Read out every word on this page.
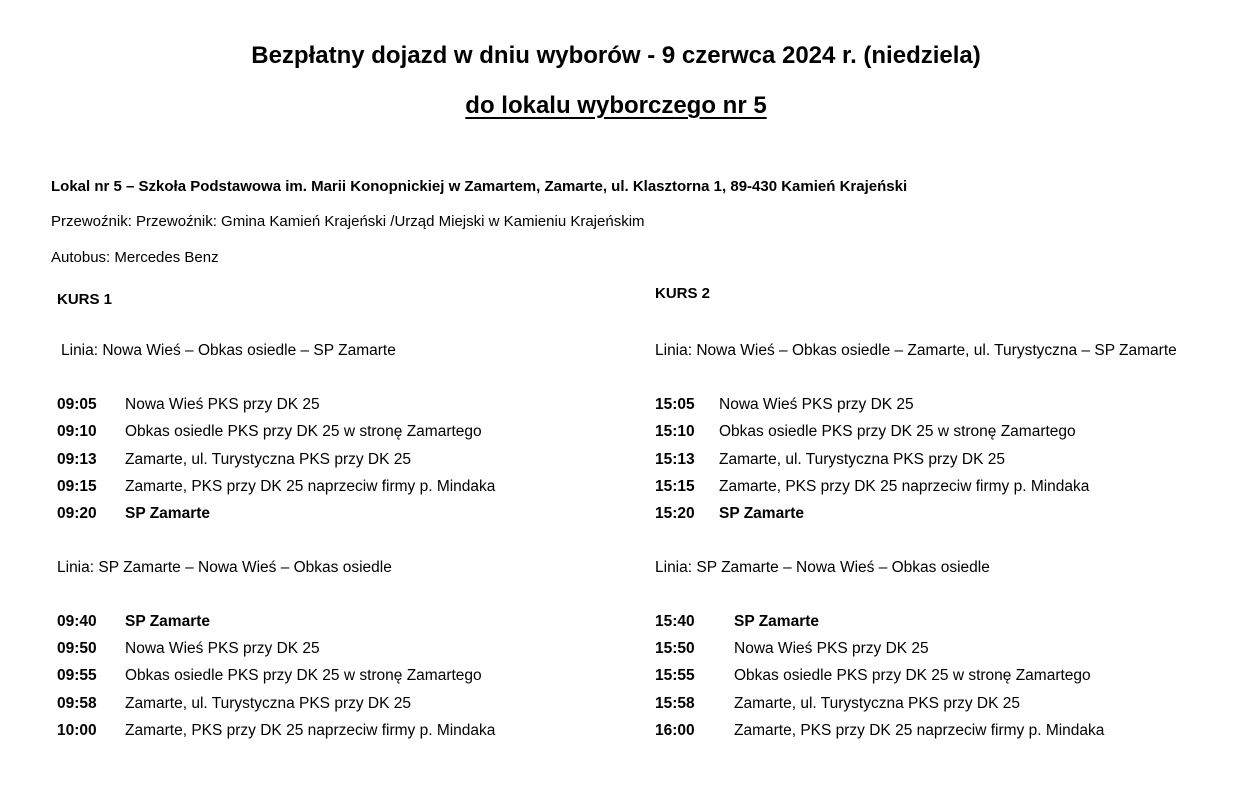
Bezpłatny dojazd w dniu wyborów - 9 czerwca 2024 r. (niedziela)
do lokalu wyborczego nr 5
Lokal nr 5 – Szkoła Podstawowa im. Marii Konopnickiej w Zamartem, Zamarte, ul. Klasztorna 1, 89-430 Kamień Krajeński
Przewoźnik: Przewoźnik: Gmina Kamień Krajeński /Urząd Miejski w Kamieniu Krajeńskim
Autobus: Mercedes Benz
KURS 1
Linia: Nowa Wieś – Obkas osiedle – SP Zamarte
09:05 Nowa Wieś PKS przy DK 25
09:10 Obkas osiedle PKS przy DK 25 w stronę Zamartego
09:13 Zamarte, ul. Turystyczna PKS przy DK 25
09:15 Zamarte, PKS przy DK 25 naprzeciw firmy p. Mindaka
09:20 SP Zamarte
Linia: SP Zamarte – Nowa Wieś – Obkas osiedle
09:40 SP Zamarte
09:50 Nowa Wieś PKS przy DK 25
09:55 Obkas osiedle PKS przy DK 25 w stronę Zamartego
09:58 Zamarte, ul. Turystyczna PKS przy DK 25
10:00 Zamarte, PKS przy DK 25 naprzeciw firmy p. Mindaka
KURS 2
Linia: Nowa Wieś – Obkas osiedle – Zamarte, ul. Turystyczna – SP Zamarte
15:05 Nowa Wieś PKS przy DK 25
15:10 Obkas osiedle PKS przy DK 25 w stronę Zamartego
15:13 Zamarte, ul. Turystyczna PKS przy DK 25
15:15 Zamarte, PKS przy DK 25 naprzeciw firmy p. Mindaka
15:20 SP Zamarte
Linia: SP Zamarte – Nowa Wieś – Obkas osiedle
15:40	SP Zamarte
15:50	Nowa Wieś PKS przy DK 25
15:55	Obkas osiedle PKS przy DK 25 w stronę Zamartego
15:58	Zamarte, ul. Turystyczna PKS przy DK 25
16:00	Zamarte, PKS przy DK 25 naprzeciw firmy p. Mindaka
